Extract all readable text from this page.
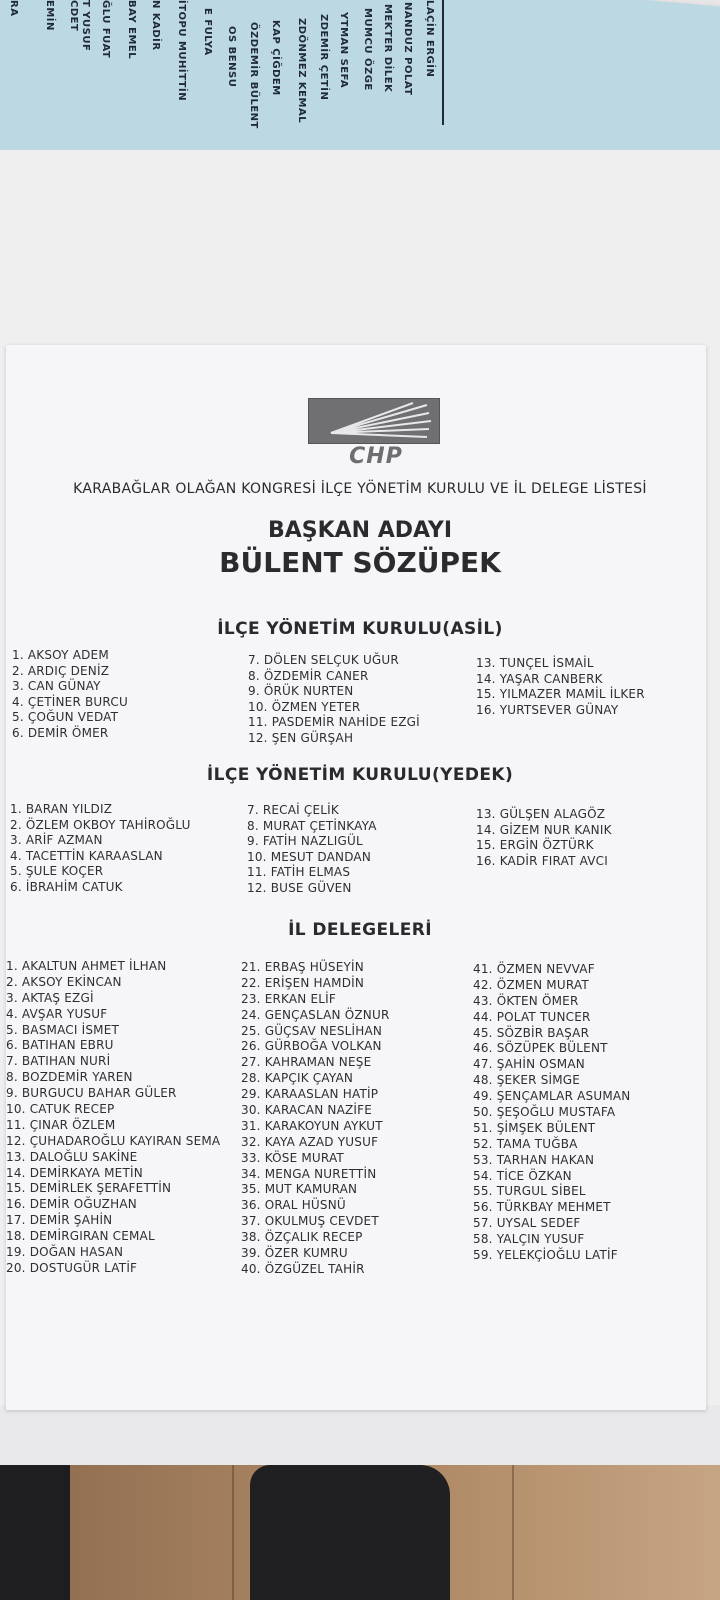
LAÇİN ERGİN
NANDUZ POLAT
MEKTER DİLEK
MUMCU ÖZGE
YTMAN SEFA
ZDEMİR ÇETİN
ZDÖNMEZ KEMAL
KAP ÇİĞDEM
ÖZDEMİR BÜLENT
OS BENSU
E FULYA
İTOPU MUHİTTİN
N KADİR
BAY EMEL
ĞLU FUAT
T YUSUF
CDET
EMİN
RA
CHP
KARABAĞLAR OLAĞAN KONGRESİ İLÇE YÖNETİM KURULU VE İL DELEGE LİSTESİ
BAŞKAN ADAYI
BÜLENT SÖZÜPEK
İLÇE YÖNETİM KURULU(ASİL)
1. AKSOY ADEM
2. ARDIÇ DENİZ
3. CAN GÜNAY
4. ÇETİNER BURCU
5. ÇOĞUN VEDAT
6. DEMİR ÖMER
7. DÖLEN SELÇUK UĞUR
8. ÖZDEMİR CANER
9. ÖRÜK NURTEN
10. ÖZMEN YETER
11. PASDEMİR NAHİDE EZGİ
12. ŞEN GÜRŞAH
13. TUNÇEL İSMAİL
14. YAŞAR CANBERK
15. YILMAZER MAMİL İLKER
16. YURTSEVER GÜNAY
İLÇE YÖNETİM KURULU(YEDEK)
1. BARAN YILDIZ
2. ÖZLEM OKBOY TAHİROĞLU
3. ARİF AZMAN
4. TACETTİN KARAASLAN
5. ŞULE KOÇER
6. İBRAHİM CATUK
7. RECAİ ÇELİK
8. MURAT ÇETİNKAYA
9. FATİH NAZLIGÜL
10. MESUT DANDAN
11. FATİH ELMAS
12. BUSE GÜVEN
13. GÜLŞEN ALAGÖZ
14. GİZEM NUR KANIK
15. ERGİN ÖZTÜRK
16. KADİR FIRAT AVCI
İL DELEGELERİ
1. AKALTUN AHMET İLHAN
2. AKSOY EKİNCAN
3. AKTAŞ EZGİ
4. AVŞAR YUSUF
5. BASMACI İSMET
6. BATIHAN EBRU
7. BATIHAN NURİ
8. BOZDEMİR YAREN
9. BURGUCU BAHAR GÜLER
10. CATUK RECEP
11. ÇINAR ÖZLEM
12. ÇUHADAROĞLU KAYIRAN SEMA
13. DALOĞLU SAKİNE
14. DEMİRKAYA METİN
15. DEMİRLEK ŞERAFETTİN
16. DEMİR OĞUZHAN
17. DEMİR ŞAHİN
18. DEMİRGIRAN CEMAL
19. DOĞAN HASAN
20. DOSTUGÜR LATİF
21. ERBAŞ HÜSEYİN
22. ERİŞEN HAMDİN
23. ERKAN ELİF
24. GENÇASLAN ÖZNUR
25. GÜÇSAV NESLİHAN
26. GÜRBOĞA VOLKAN
27. KAHRAMAN NEŞE
28. KAPÇIK ÇAYAN
29. KARAASLAN HATİP
30. KARACAN NAZİFE
31. KARAKOYUN AYKUT
32. KAYA AZAD YUSUF
33. KÖSE MURAT
34. MENGA NURETTİN
35. MUT KAMURAN
36. ORAL HÜSNÜ
37. OKULMUŞ CEVDET
38. ÖZÇALIK RECEP
39. ÖZER KUMRU
40. ÖZGÜZEL TAHİR
41. ÖZMEN NEVVAF
42. ÖZMEN MURAT
43. ÖKTEN ÖMER
44. POLAT TUNCER
45. SÖZBİR BAŞAR
46. SÖZÜPEK BÜLENT
47. ŞAHİN OSMAN
48. ŞEKER SİMGE
49. ŞENÇAMLAR ASUMAN
50. ŞEŞOĞLU MUSTAFA
51. ŞİMŞEK BÜLENT
52. TAMA TUĞBA
53. TARHAN HAKAN
54. TİCE ÖZKAN
55. TURGUL SİBEL
56. TÜRKBAY MEHMET
57. UYSAL SEDEF
58. YALÇIN YUSUF
59. YELEKÇİOĞLU LATİF
